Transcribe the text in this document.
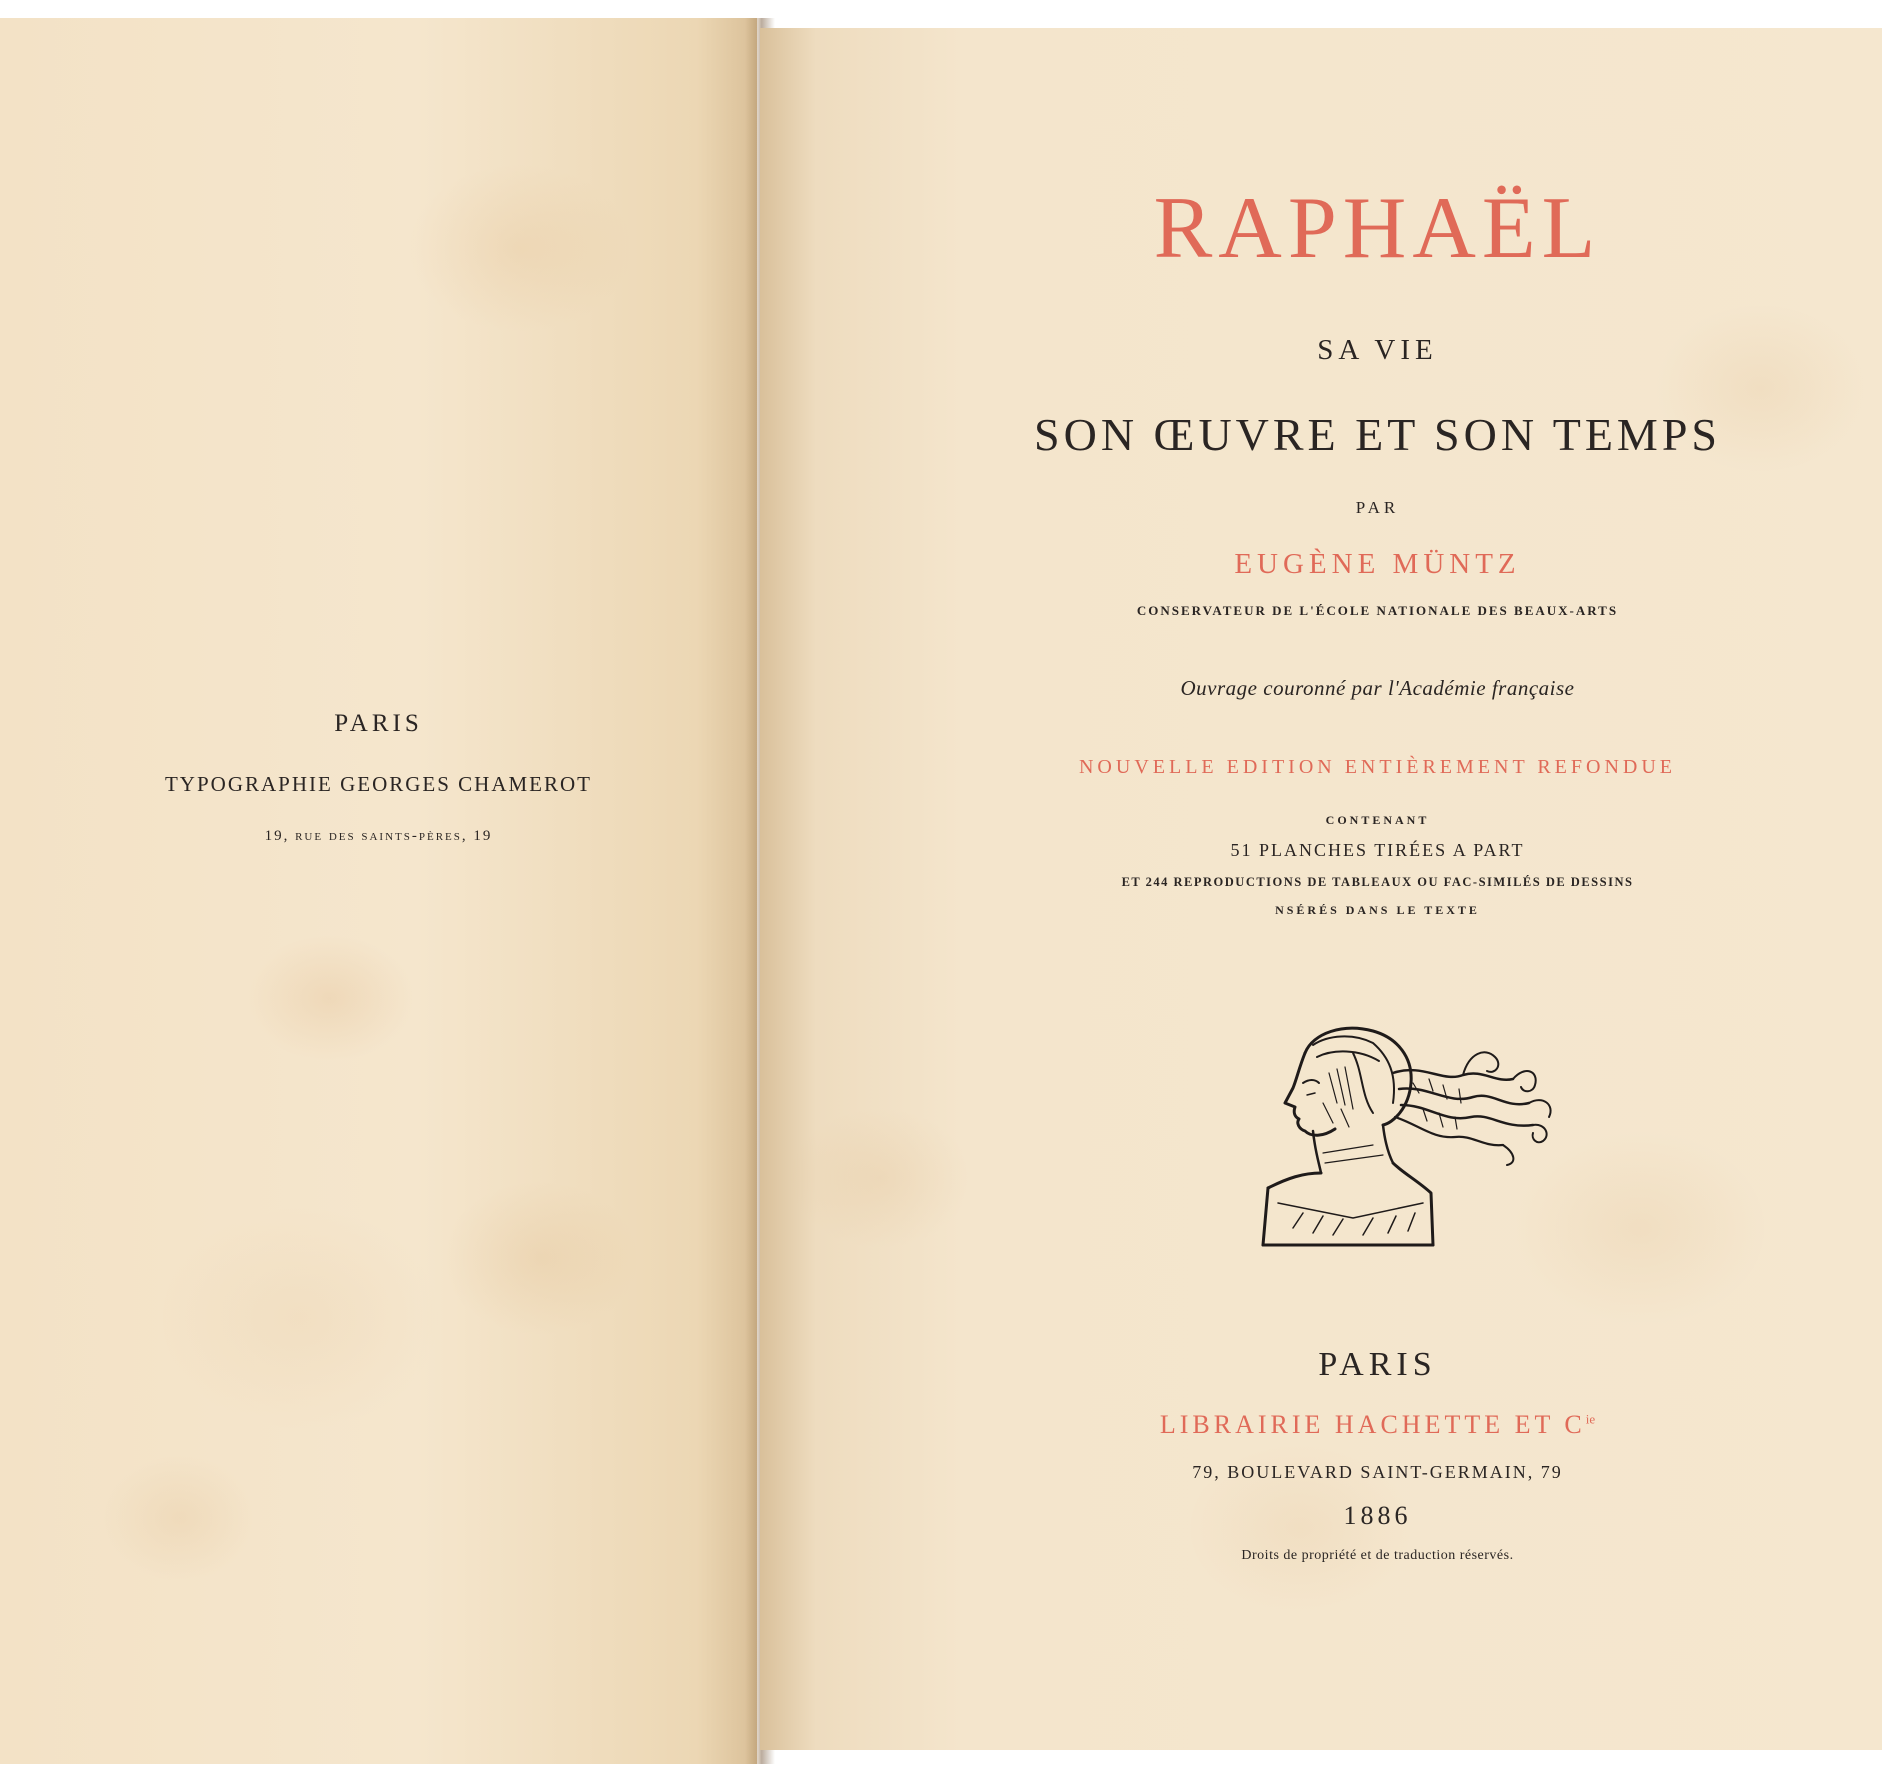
PARIS

TYPOGRAPHIE GEORGES CHAMEROT

19, rue des saints-pères, 19

RAPHAËL

SA VIE

SON ŒUVRE ET SON TEMPS

PAR

EUGÈNE MÜNTZ

CONSERVATEUR DE L'ÉCOLE NATIONALE DES BEAUX-ARTS

Ouvrage couronné par l'Académie française

NOUVELLE EDITION ENTIÈREMENT REFONDUE

CONTENANT

51 PLANCHES TIRÉES A PART

ET 244 REPRODUCTIONS DE TABLEAUX OU FAC-SIMILÉS DE DESSINS

NSÉRÉS DANS LE TEXTE

PARIS

LIBRAIRIE HACHETTE ET $C^{ie}$

79, BOULEVARD SAINT-GERMAIN, 79

1886

Droits de propriété et de traduction réservés.
